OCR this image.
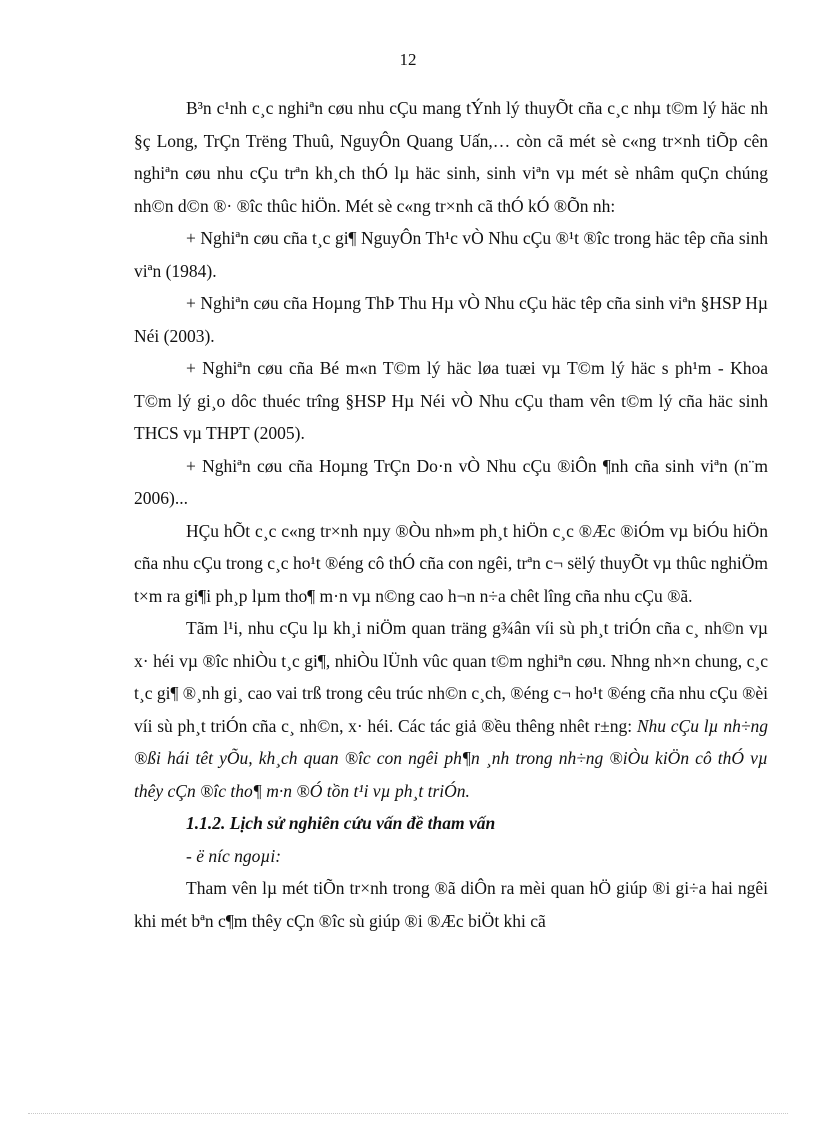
12

B³n c¹nh c¸c nghiªn cøu nhu cÇu mang tÝnh lý thuyÕt cña c¸c nhµ t©m lý häc nh §ç Long, TrÇn Trëng Thuû, NguyÔn Quang Uấn,… còn cã mét sè c«ng tr×nh tiÕp cên nghiªn cøu nhu cÇu trªn kh¸ch thÓ lµ häc sinh, sinh viªn vµ mét sè nhâm quÇn chúng nh©n d©n ®· ®îc thûc hiÖn. Mét sè c«ng tr×nh cã thÓ kÓ ®Õn nh:

+ Nghiªn cøu cña t¸c gi¶ NguyÔn Th¹c vÒ Nhu cÇu ®¹t ®îc trong häc têp cña sinh viªn (1984).

+ Nghiªn cøu cña Hoµng ThÞ Thu Hµ vÒ Nhu cÇu häc têp cña sinh viªn §HSP Hµ Néi (2003).

+ Nghiªn cøu cña Bé m«n T©m lý häc løa tuæi vµ T©m lý häc s ph¹m - Khoa T©m lý gi¸o dôc thuéc trîng §HSP Hµ Néi vÒ Nhu cÇu tham vên t©m lý cña häc sinh THCS vµ THPT (2005).

+ Nghiªn cøu cña Hoµng TrÇn Do·n vÒ Nhu cÇu ®iÔn ¶nh cña sinh viªn (n¨m 2006)...

HÇu hÕt c¸c c«ng tr×nh nµy ®Òu nh»m ph¸t hiÖn c¸c ®Æc ®iÓm vµ biÓu hiÖn cña nhu cÇu trong c¸c ho¹t ®éng cô thÓ cña con ngêi, trªn c¬ sëlý thuyÕt vµ thûc nghiÖm t×m ra gi¶i ph¸p lµm tho¶ m·n vµ n©ng cao h¬n n÷a chêt lîng cña nhu cÇu ®ã.

Tãm l¹i, nhu cÇu lµ kh¸i niÖm quan träng g¾ân víi sù ph¸t triÓn cña c¸ nh©n vµ x· héi vµ ®îc nhiÒu t¸c gi¶, nhiÒu lÜnh vûc quan t©m nghiªn cøu. Nhng nh×n chung, c¸c t¸c gi¶ ®¸nh gi¸ cao vai trß trong cêu trúc nh©n c¸ch, ®éng c¬ ho¹t ®éng cña nhu cÇu ®èi víi sù ph¸t triÓn cña c¸ nh©n, x· héi. Các tác giả ®ều thêng nhêt r±ng: Nhu cÇu lµ nh÷ng ®ßi hái têt yÕu, kh¸ch quan ®îc con ngêi ph¶n ¸nh trong nh÷ng ®iÒu kiÖn cô thÓ vµ thêy cÇn ®îc tho¶ m·n ®Ó tồn t¹i vµ ph¸t triÓn.

1.1.2. Lịch sử nghiên cứu vấn đề tham vấn

- ë níc ngoµi:

Tham vên lµ mét tiÕn tr×nh trong ®ã diÔn ra mèi quan hÖ giúp ®i gi÷a hai ngêi khi mét bªn c¶m thêy cÇn ®îc sù giúp ®i ®Æc biÖt khi cã
